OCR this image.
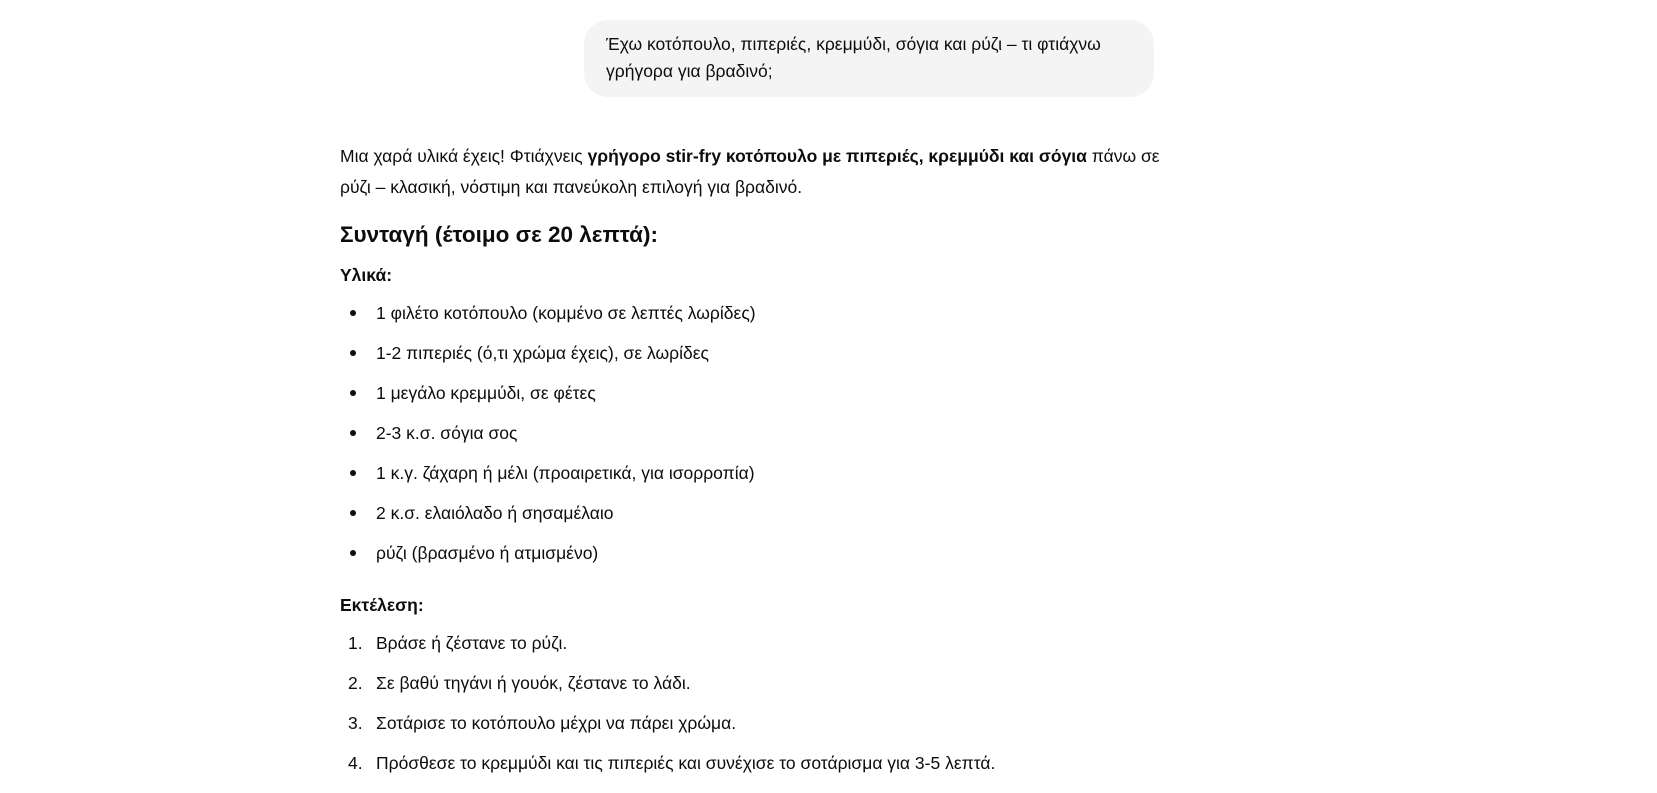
Έχω κοτόπουλο, πιπεριές, κρεμμύδι, σόγια και ρύζι – τι φτιάχνω γρήγορα για βραδινό;

Μια χαρά υλικά έχεις! Φτιάχνεις γρήγορο stir-fry κοτόπουλο με πιπεριές, κρεμμύδι και σόγια πάνω σε ρύζι – κλασική, νόστιμη και πανεύκολη επιλογή για βραδινό.

Συνταγή (έτοιμο σε 20 λεπτά):

Υλικά:

1 φιλέτο κοτόπουλο (κομμένο σε λεπτές λωρίδες)
1-2 πιπεριές (ό,τι χρώμα έχεις), σε λωρίδες
1 μεγάλο κρεμμύδι, σε φέτες
2-3 κ.σ. σόγια σος
1 κ.γ. ζάχαρη ή μέλι (προαιρετικά, για ισορροπία)
2 κ.σ. ελαιόλαδο ή σησαμέλαιο
ρύζι (βρασμένο ή ατμισμένο)

Εκτέλεση:

1. Βράσε ή ζέστανε το ρύζι.
2. Σε βαθύ τηγάνι ή γουόκ, ζέστανε το λάδι.
3. Σοτάρισε το κοτόπουλο μέχρι να πάρει χρώμα.
4. Πρόσθεσε το κρεμμύδι και τις πιπεριές και συνέχισε το σοτάρισμα για 3-5 λεπτά.
